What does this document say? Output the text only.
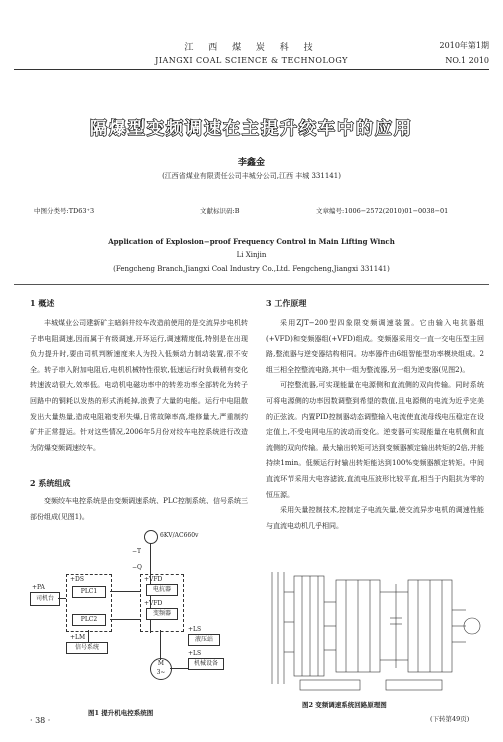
江 西 煤 炭 科 技
JIANGXI COAL SCIENCE & TECHNOLOGY
2010年第1期
NO.1 2010
隔爆型变频调速在主提升绞车中的应用
李鑫金
(江西省煤业有限责任公司丰城分公司,江西 丰城 331141)
中图分类号:TD63⁺3	文献标识码:B	文章编号:1006−2572(2010)01−0038−01
Application of Explosion−proof Frequency Control in Main Lifting Winch
Li Xinjin
(Fengcheng Branch,Jiangxi Coal Industry Co.,Ltd. Fengcheng,Jiangxi 331141)
1 概述

丰城煤业公司建新矿主暗斜井绞车改造前使用的是交流异步电机转子串电阻调速,因而属于有级调速,开环运行,调速精度低,特别是在出现负力提升时,要由司机判断速度来人为投入低频动力制动装置,很不安全。转子串入附加电阻后,电机机械特性很软,低速运行时负载稍有变化转速波动很大,效率低。电动机电磁功率中的转差功率全部转化为转子回路中的铜耗以发热的形式消耗掉,浪费了大量的电能。运行中电阻散发出大量热量,造成电阻箱变形失爆,日常故障率高,维修量大,严重制约矿井正常提运。针对这些情况,2006年5月份对绞车电控系统进行改造为防爆变频调速绞车。

2 系统组成

变频绞车电控系统是由变频调速系统、PLC控制系统、信号系统三部份组成(见图1)。

6KV/AC660v
−T
−Q
+PA
司机台
+DS
PLC1
PLC2
+VFD
电抗器
+VFD
变频器
+LM
信号系统
+LS
液压站
+LS
机械设备
M
3~
图1 提升机电控系统图
3 工作原理

采用ZJT−200型四象限变频调速装置。它由输入电抗器组(+VFD)和变频器组(+VFD)组成。变频器采用交一直一交电压型主回路,整流器与逆变器结构相同。功率器件由6组智能型功率模块组成。2组三相全控整流电路,其中一组为整流器,另一组为逆变器(见图2)。

可控整流器,可实现能量在电源侧和直流侧的双向传输。同时系统可将电源侧的功率因数调整到希望的数值,且电源侧的电流为近乎完美的正弦波。内置PID控制器动态调整输入电流使直流母线电压稳定在设定值上,不受电网电压的波动而变化。逆变器可实现能量在电机侧和直流侧的双向传输。最大输出转矩可达到变频器额定输出转矩的2倍,并能持续1min。低频运行时输出转矩能达到100%变频器额定转矩。中间直流环节采用大电容滤波,直流电压波形比较平直,相当于内阻抗为零的恒压源。

采用矢量控制技术,控制定子电流矢量,使交流异步电机的调速性能与直流电动机几乎相同。

图2 变频调速系统回路原理图
(下转第49页)
· 38 ·
